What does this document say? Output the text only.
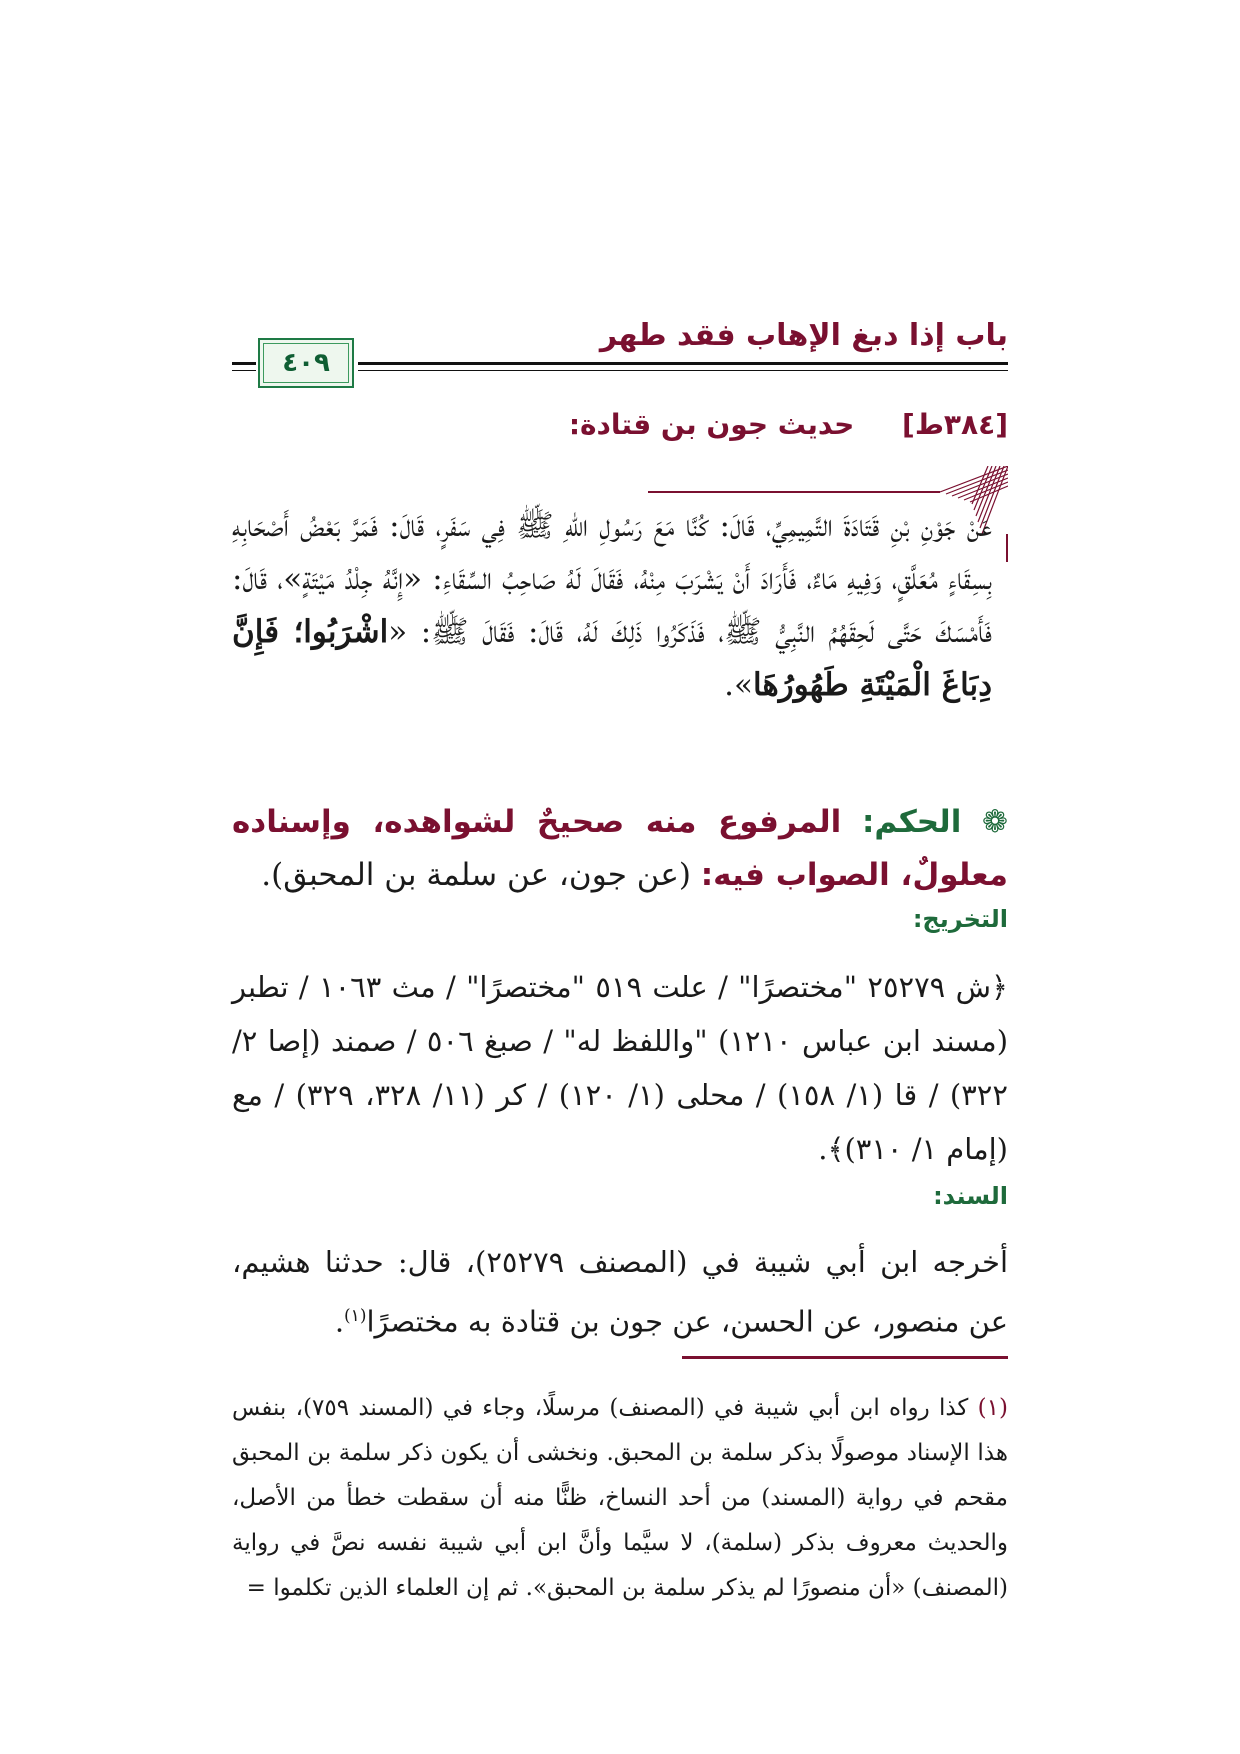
باب إذا دبغ الإهاب فقد طهر
٤٠٩
[٣٨٤ط] حديث جون بن قتادة:
عَنْ جَوْنِ بْنِ قَتَادَةَ التَّمِيمِيِّ، قَالَ: كُنَّا مَعَ رَسُولِ اللهِ ﷺ فِي سَفَرٍ، قَالَ: فَمَرَّ بَعْضُ أَصْحَابِهِ بِسِقَاءٍ مُعَلَّقٍ، وَفِيهِ مَاءٌ، فَأَرَادَ أَنْ يَشْرَبَ مِنْهُ، فَقَالَ لَهُ صَاحِبُ السِّقَاءِ: «إِنَّهُ جِلْدُ مَيْتَةٍ»، قَالَ: فَأَمْسَكَ حَتَّى لَحِقَهُمُ النَّبِيُّ ﷺ، فَذَكَرُوا ذَلِكَ لَهُ، قَالَ: فَقَالَ ﷺ: «اشْرَبُوا؛ فَإِنَّ دِبَاغَ الْمَيْتَةِ طَهُورُهَا».
❁ الحكم: المرفوع منه صحيحٌ لشواهده، وإسناده معلولٌ، الصواب فيه: (عن جون، عن سلمة بن المحبق).
التخريج:
﴿ش ٢٥٢٧٩ "مختصرًا" / علت ٥١٩ "مختصرًا" / مث ١٠٦٣ / تطبر (مسند ابن عباس ١٢١٠) "واللفظ له" / صبغ ٥٠٦ / صمند (إصا ٢/ ٣٢٢) / قا (١/ ١٥٨) / محلى (١/ ١٢٠) / كر (١١/ ٣٢٨، ٣٢٩) / مع (إمام ١/ ٣١٠)﴾.
السند:
أخرجه ابن أبي شيبة في (المصنف ٢٥٢٧٩)، قال: حدثنا هشيم، عن منصور، عن الحسن، عن جون بن قتادة به مختصرًا$^{(١)}$.
(١) كذا رواه ابن أبي شيبة في (المصنف) مرسلًا، وجاء في (المسند ٧٥٩)، بنفس هذا الإسناد موصولًا بذكر سلمة بن المحبق. ونخشى أن يكون ذكر سلمة بن المحبق مقحم في رواية (المسند) من أحد النساخ، ظنًّا منه أن سقطت خطأ من الأصل، والحديث معروف بذكر (سلمة)، لا سيَّما وأنَّ ابن أبي شيبة نفسه نصَّ في رواية (المصنف) «أن منصورًا لم يذكر سلمة بن المحبق». ثم إن العلماء الذين تكلموا =
